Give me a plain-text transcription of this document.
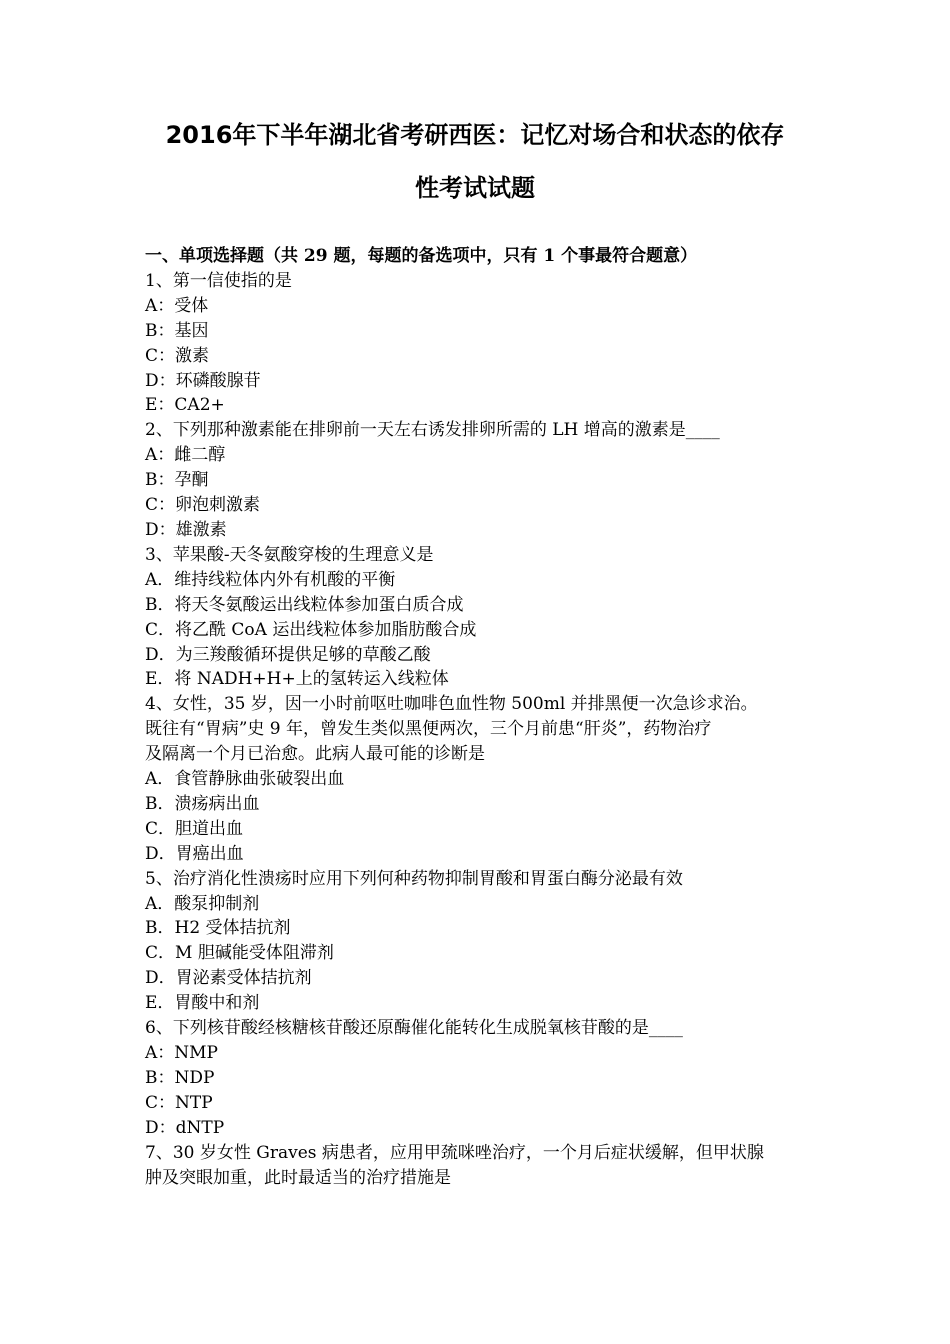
2016年下半年湖北省考研西医：记忆对场合和状态的依存
性考试试题

一、单项选择题（共 29 题，每题的备选项中，只有 1 个事最符合题意）

1、第一信使指的是

A：受体

B：基因

C：激素

D：环磷酸腺苷

E：CA2+

2、下列那种激素能在排卵前一天左右诱发排卵所需的 LH 增高的激素是____

A：雌二醇

B：孕酮

C：卵泡刺激素

D：雄激素

3、苹果酸-天冬氨酸穿梭的生理意义是

A．维持线粒体内外有机酸的平衡

B．将天冬氨酸运出线粒体参加蛋白质合成

C．将乙酰 CoA 运出线粒体参加脂肪酸合成

D．为三羧酸循环提供足够的草酸乙酸

E．将 NADH+H+上的氢转运入线粒体

4、女性，35 岁，因一小时前呕吐咖啡色血性物 500ml 并排黑便一次急诊求治。

既往有“胃病”史 9 年，曾发生类似黑便两次，三个月前患“肝炎”，药物治疗

及隔离一个月已治愈。此病人最可能的诊断是

A．食管静脉曲张破裂出血

B．溃疡病出血

C．胆道出血

D．胃癌出血

5、治疗消化性溃疡时应用下列何种药物抑制胃酸和胃蛋白酶分泌最有效

A．酸泵抑制剂

B．H2 受体拮抗剂

C．M 胆碱能受体阻滞剂

D．胃泌素受体拮抗剂

E．胃酸中和剂

6、下列核苷酸经核糖核苷酸还原酶催化能转化生成脱氧核苷酸的是____

A：NMP

B：NDP

C：NTP

D：dNTP

7、30 岁女性 Graves 病患者，应用甲巯咪唑治疗，一个月后症状缓解，但甲状腺

肿及突眼加重，此时最适当的治疗措施是
